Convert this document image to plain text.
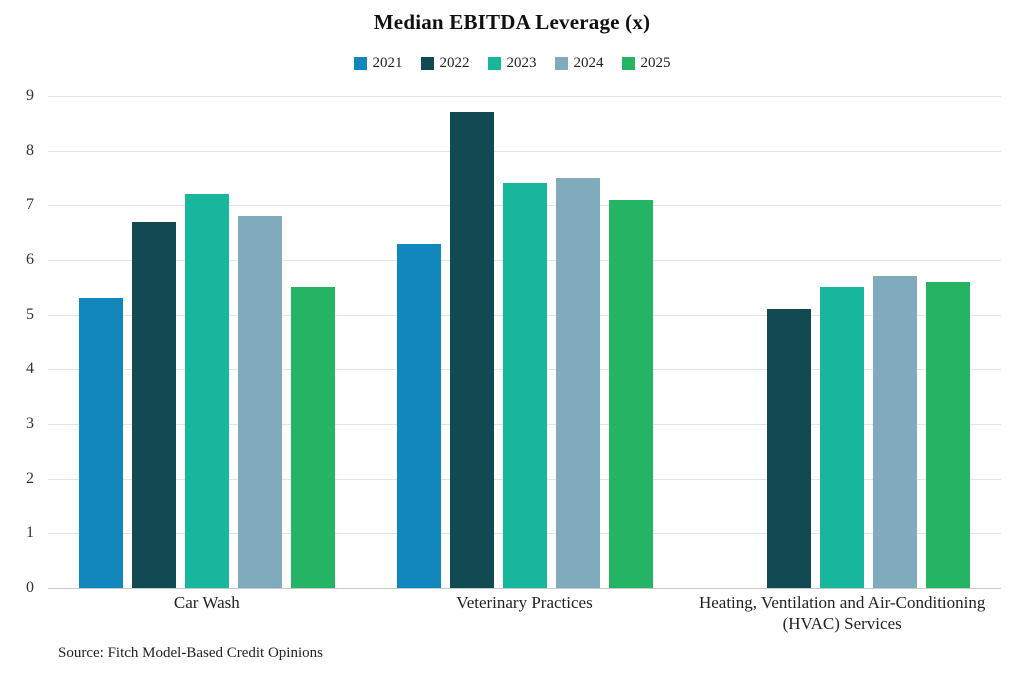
Median EBITDA Leverage (x)
2021 2022 2023 2024 2025
0
1
2
3
4
5
6
7
8
9
Car Wash	Veterinary Practices	Heating, Ventilation and Air-Conditioning (HVAC) Services
Source: Fitch Model-Based Credit Opinions
